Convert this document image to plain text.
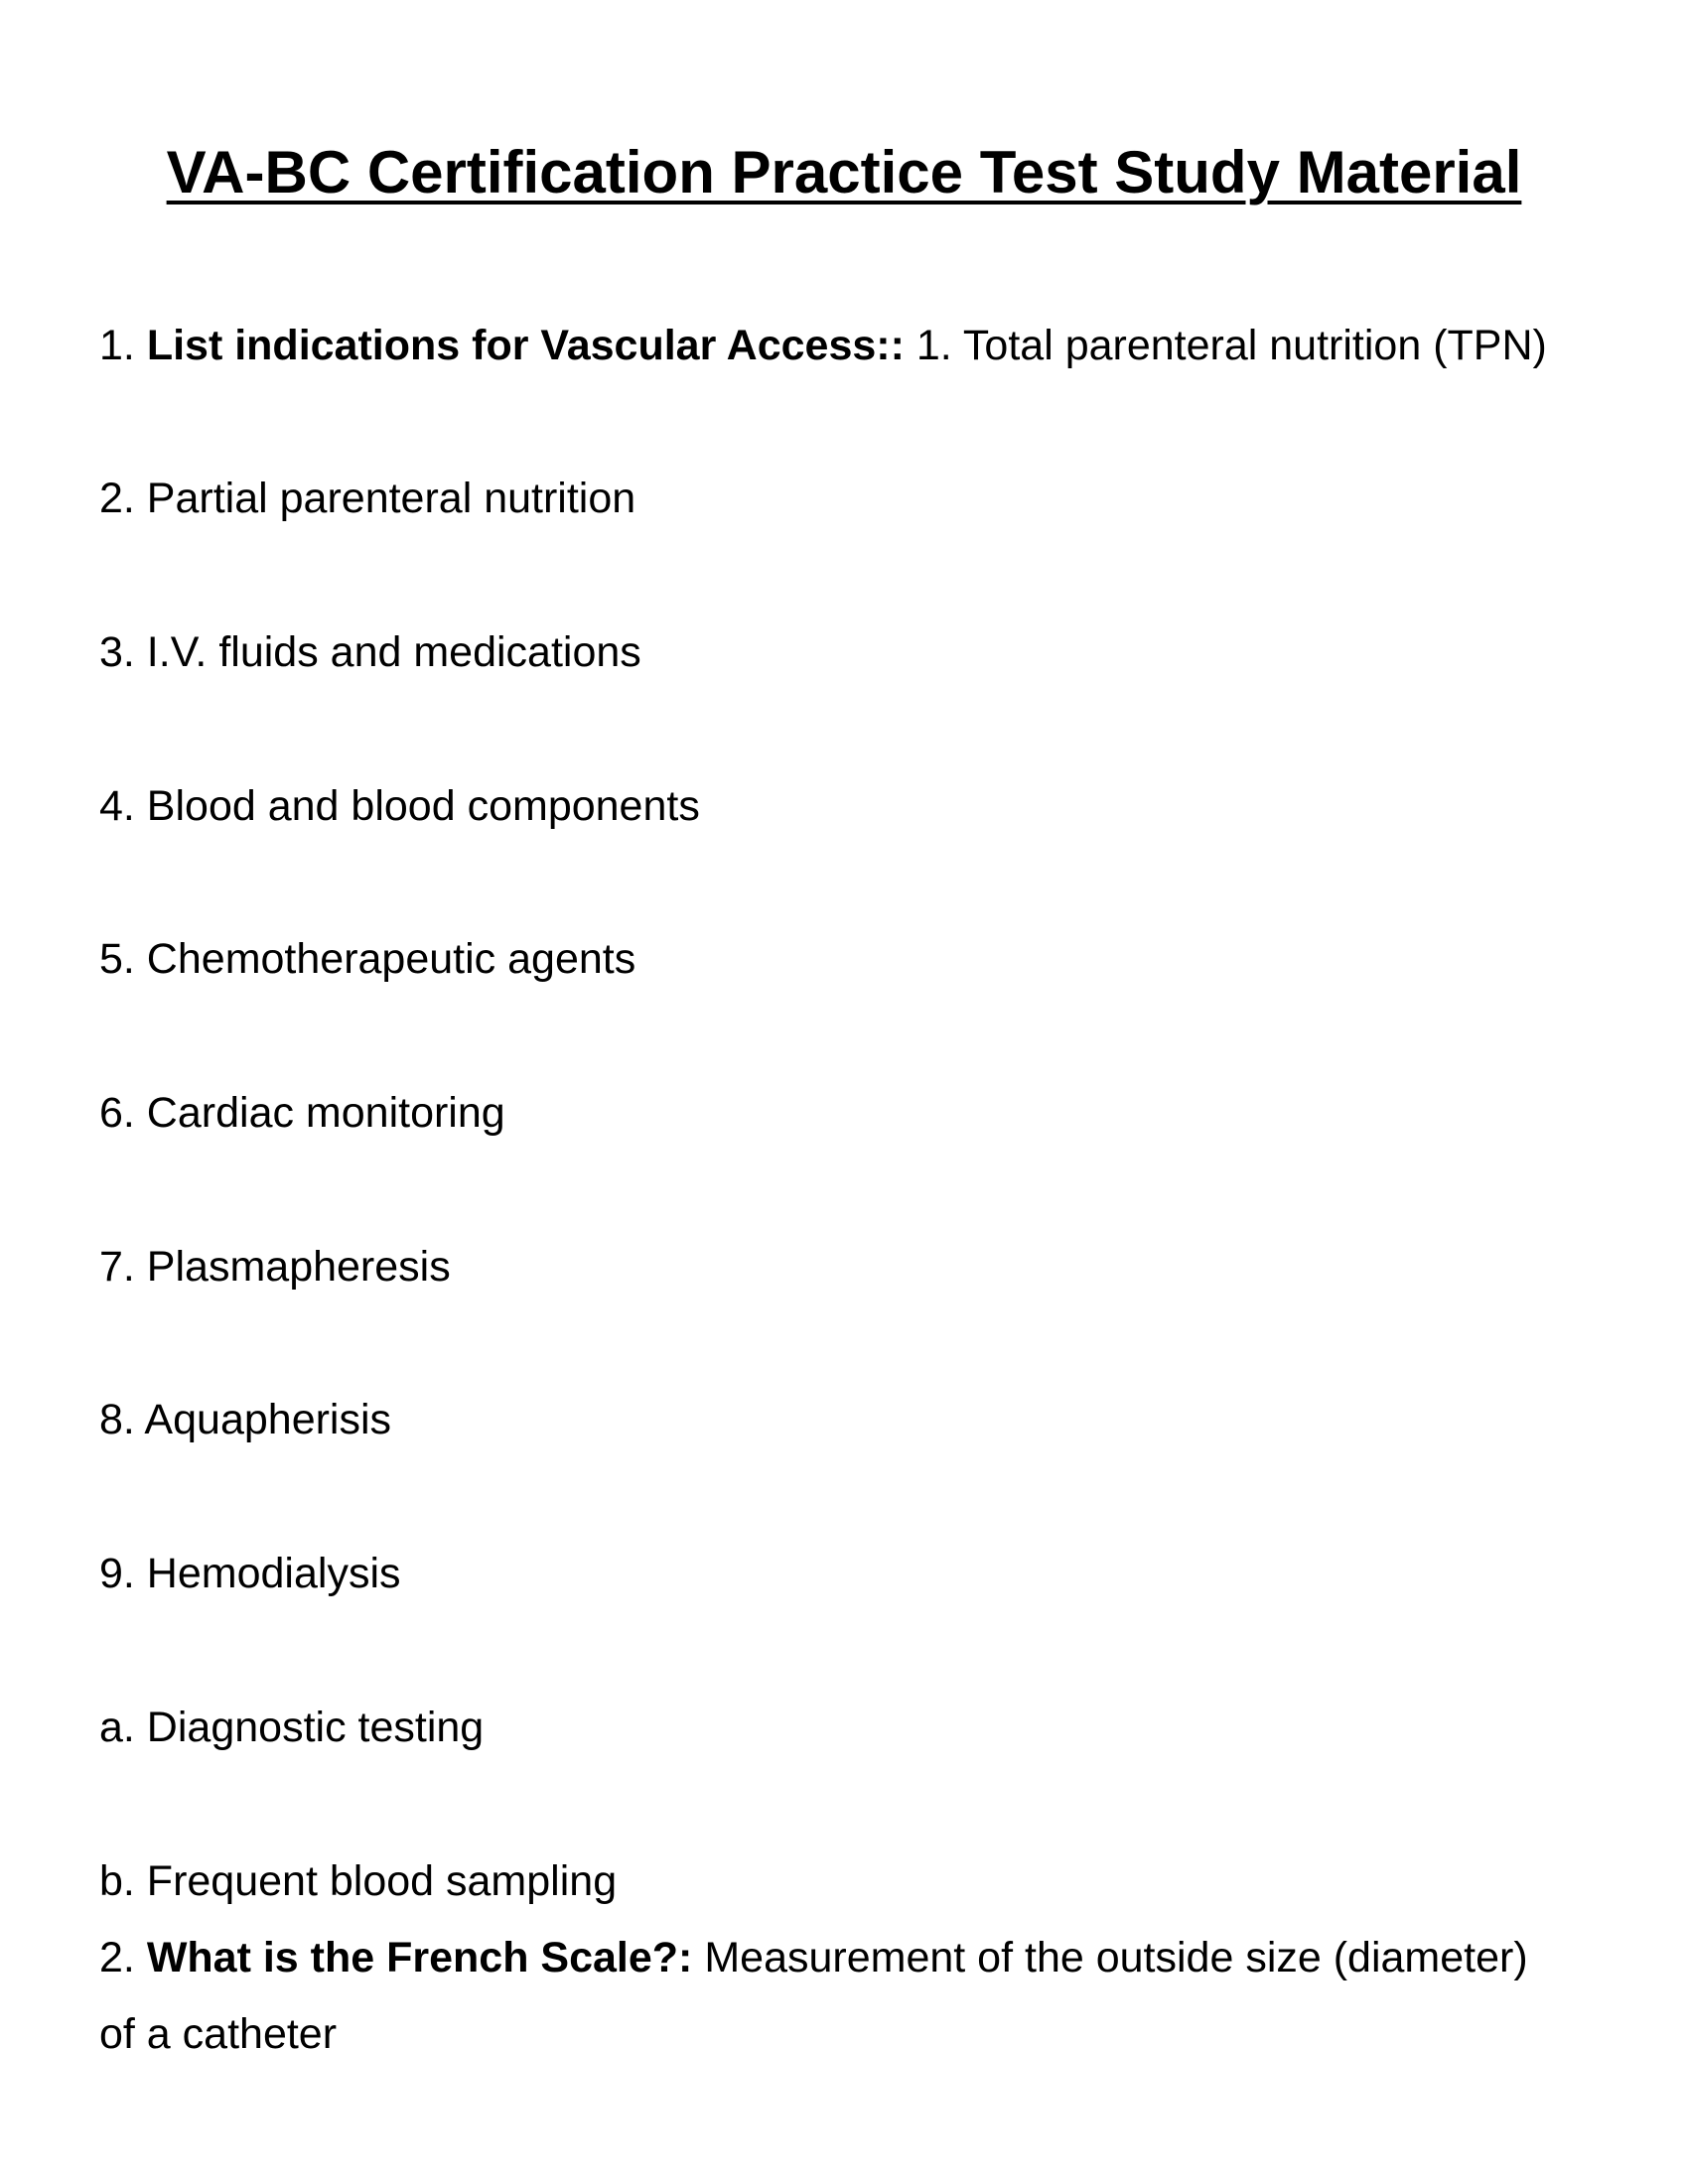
VA-BC Certification Practice Test Study Material

1. List indications for Vascular Access:: 1. Total parenteral nutrition (TPN)

2. Partial parenteral nutrition

3. I.V. fluids and medications

4. Blood and blood components

5. Chemotherapeutic agents

6. Cardiac monitoring

7. Plasmapheresis

8. Aquapherisis

9. Hemodialysis

a. Diagnostic testing

b. Frequent blood sampling

2. What is the French Scale?: Measurement of the outside size (diameter)

of a catheter
